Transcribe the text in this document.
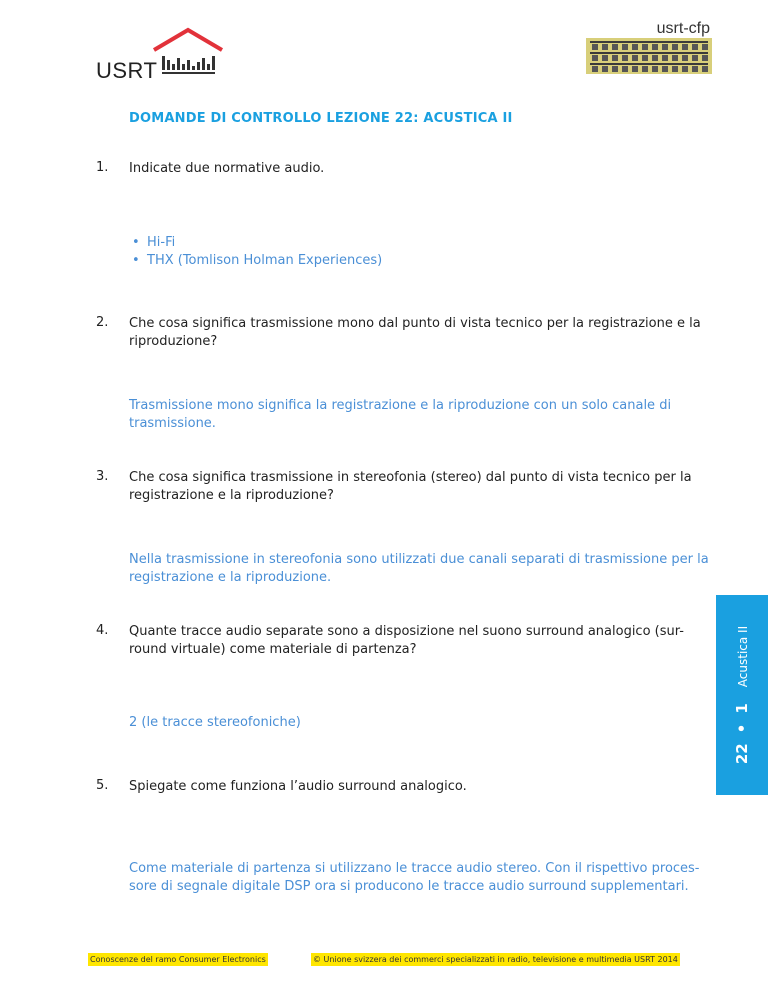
USRT
usrt-cfp
DOMANDE DI CONTROLLO LEZIONE 22: ACUSTICA II
1. Indicate due normative audio.
• Hi-Fi
• THX (Tomlison Holman Experiences)
2. Che cosa significa trasmissione mono dal punto di vista tecnico per la registrazione e la riproduzione?
Trasmissione mono significa la registrazione e la riproduzione con un solo canale di trasmissione.
3. Che cosa significa trasmissione in stereofonia (stereo) dal punto di vista tecnico per la registrazione e la riproduzione?
Nella trasmissione in stereofonia sono utilizzati due canali separati di trasmissione per la registrazione e la riproduzione.
4. Quante tracce audio separate sono a disposizione nel suono surround analogico (sur-round virtuale) come materiale di partenza?
2 (le tracce stereofoniche)
5. Spiegate come funziona l’audio surround analogico.
Come materiale di partenza si utilizzano le tracce audio stereo. Con il rispettivo proces-sore di segnale digitale DSP ora si producono le tracce audio surround supplementari.
22
•
1
Acustica II
Conoscenze del ramo Consumer Electronics	© Unione svizzera dei commerci specializzati in radio, televisione e multimedia USRT 2014
